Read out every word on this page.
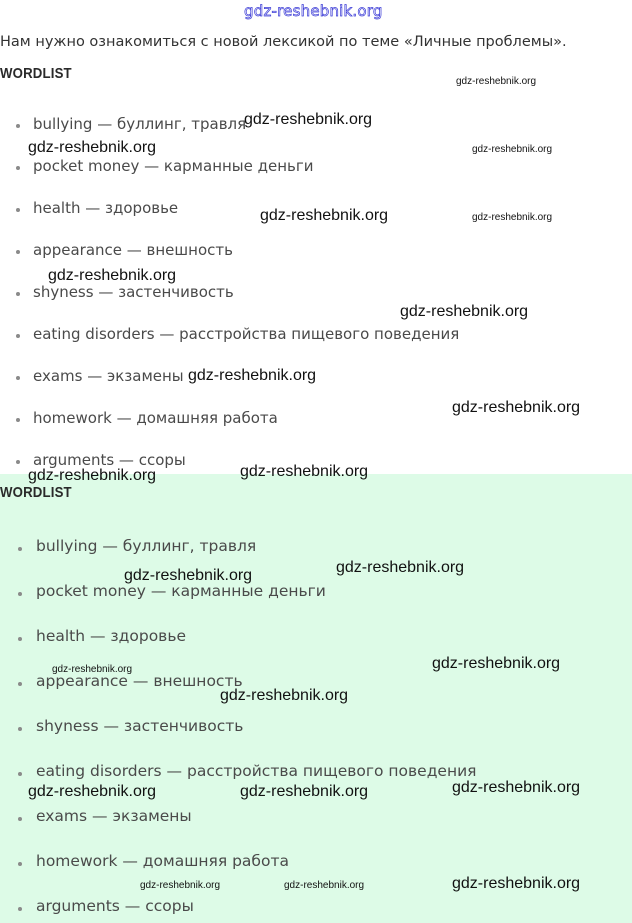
gdz-reshebnik.org
Нам нужно ознакомиться с новой лексикой по теме «Личные проблемы».
WORDLIST
bullying — буллинг, травля
pocket money — карманные деньги
health — здоровье
appearance — внешность
shyness — застенчивость
eating disorders — расстройства пищевого поведения
exams — экзамены
homework — домашняя работа
arguments — ссоры
WORDLIST
bullying — буллинг, травля
pocket money — карманные деньги
health — здоровье
appearance — внешность
shyness — застенчивость
eating disorders — расстройства пищевого поведения
exams — экзамены
homework — домашняя работа
arguments — ссоры
gdz-reshebnik.org
gdz-reshebnik.org
gdz-reshebnik.org	gdz-reshebnik.org
gdz-reshebnik.org	gdz-reshebnik.org
gdz-reshebnik.org
gdz-reshebnik.org
gdz-reshebnik.org
gdz-reshebnik.org
gdz-reshebnik.org
gdz-reshebnik.org
gdz-reshebnik.org
gdz-reshebnik.org
gdz-reshebnik.org
gdz-reshebnik.org
gdz-reshebnik.org
gdz-reshebnik.org
gdz-reshebnik.org	gdz-reshebnik.org
gdz-reshebnik.org
gdz-reshebnik.org	gdz-reshebnik.org
